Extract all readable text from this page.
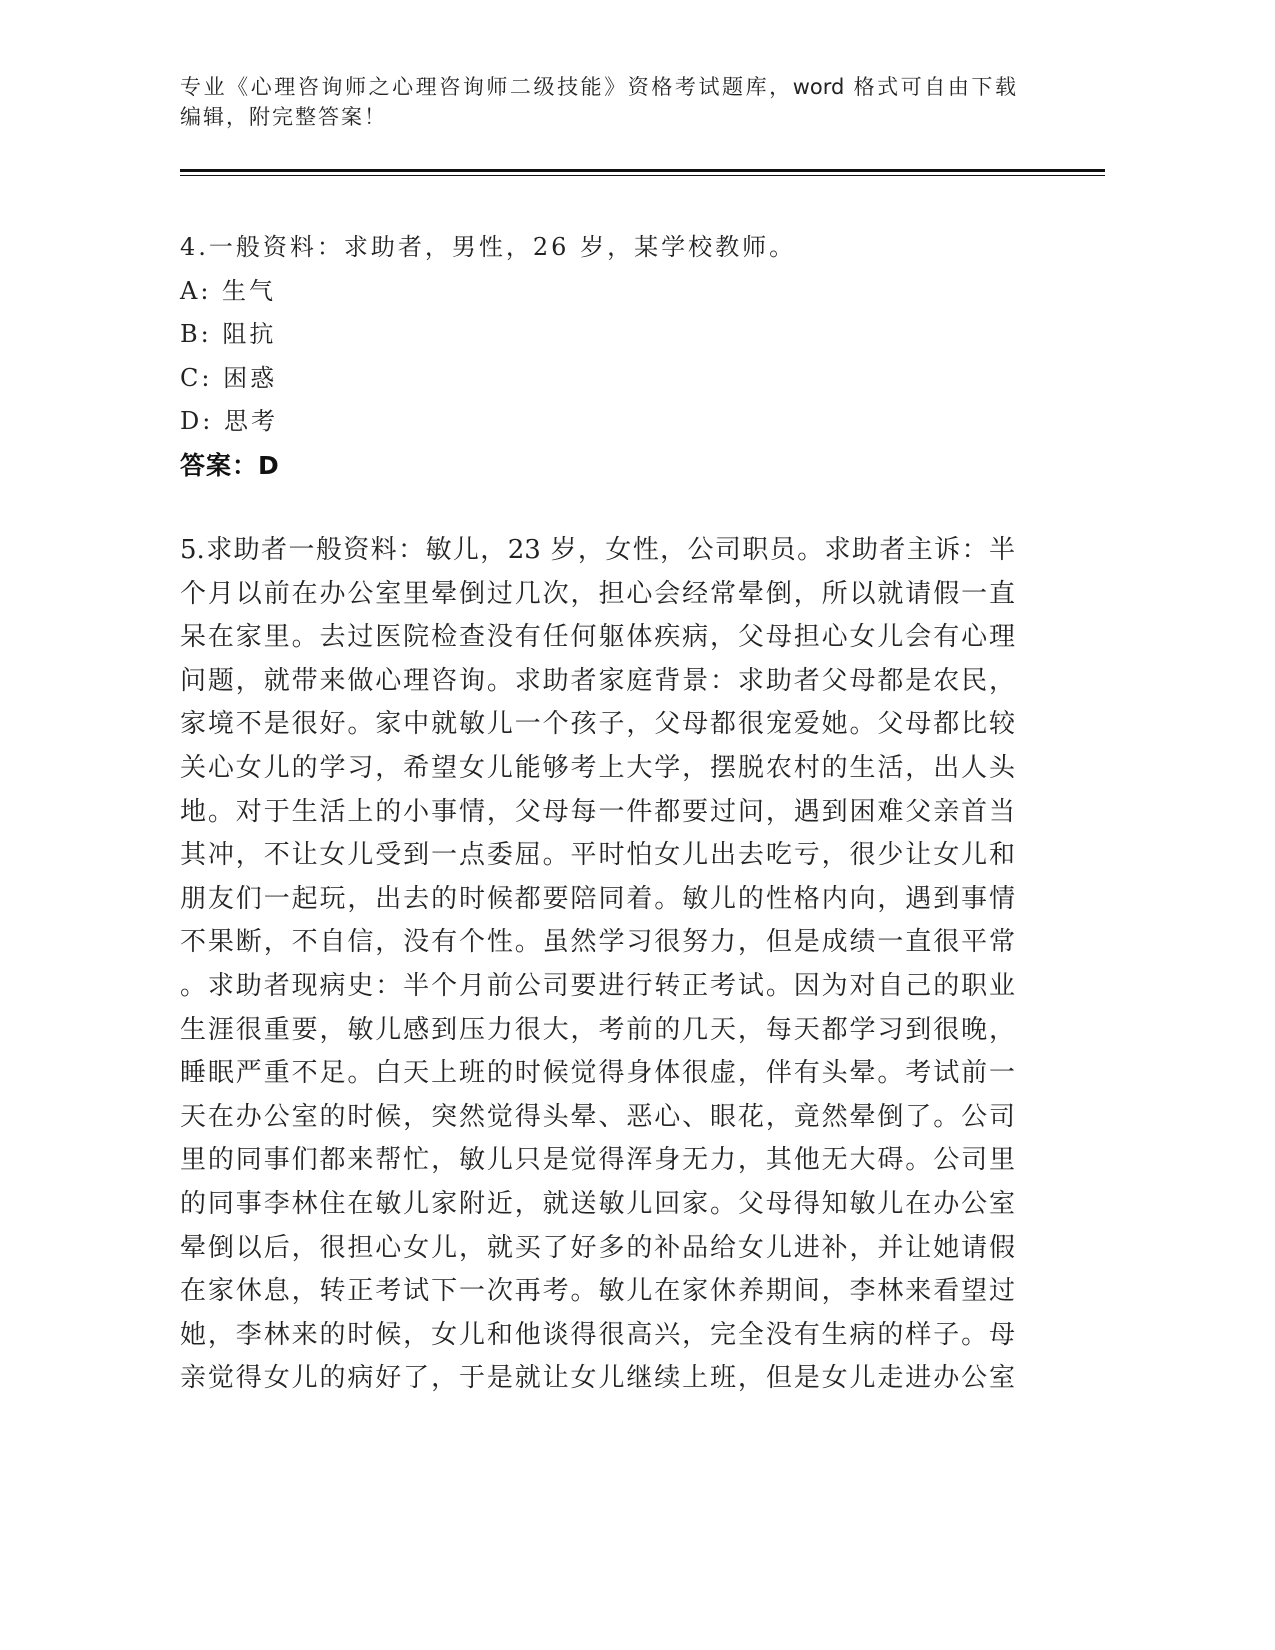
专业《心理咨询师之心理咨询师二级技能》资格考试题库，word 格式可自由下载
编辑，附完整答案！
4.一般资料：求助者，男性，26 岁，某学校教师。
A: 生气
B: 阻抗
C: 困惑
D: 思考
答案：D
5.求助者一般资料：敏儿，23 岁，女性，公司职员。求助者主诉：半
个月以前在办公室里晕倒过几次，担心会经常晕倒，所以就请假一直
呆在家里。去过医院检查没有任何躯体疾病，父母担心女儿会有心理
问题，就带来做心理咨询。求助者家庭背景：求助者父母都是农民，
家境不是很好。家中就敏儿一个孩子，父母都很宠爱她。父母都比较
关心女儿的学习，希望女儿能够考上大学，摆脱农村的生活，出人头
地。对于生活上的小事情，父母每一件都要过问，遇到困难父亲首当
其冲，不让女儿受到一点委屈。平时怕女儿出去吃亏，很少让女儿和
朋友们一起玩，出去的时候都要陪同着。敏儿的性格内向，遇到事情
不果断，不自信，没有个性。虽然学习很努力，但是成绩一直很平常
。求助者现病史：半个月前公司要进行转正考试。因为对自己的职业
生涯很重要，敏儿感到压力很大，考前的几天，每天都学习到很晚，
睡眠严重不足。白天上班的时候觉得身体很虚，伴有头晕。考试前一
天在办公室的时候，突然觉得头晕、恶心、眼花，竟然晕倒了。公司
里的同事们都来帮忙，敏儿只是觉得浑身无力，其他无大碍。公司里
的同事李林住在敏儿家附近，就送敏儿回家。父母得知敏儿在办公室
晕倒以后，很担心女儿，就买了好多的补品给女儿进补，并让她请假
在家休息，转正考试下一次再考。敏儿在家休养期间，李林来看望过
她，李林来的时候，女儿和他谈得很高兴，完全没有生病的样子。母
亲觉得女儿的病好了，于是就让女儿继续上班，但是女儿走进办公室
